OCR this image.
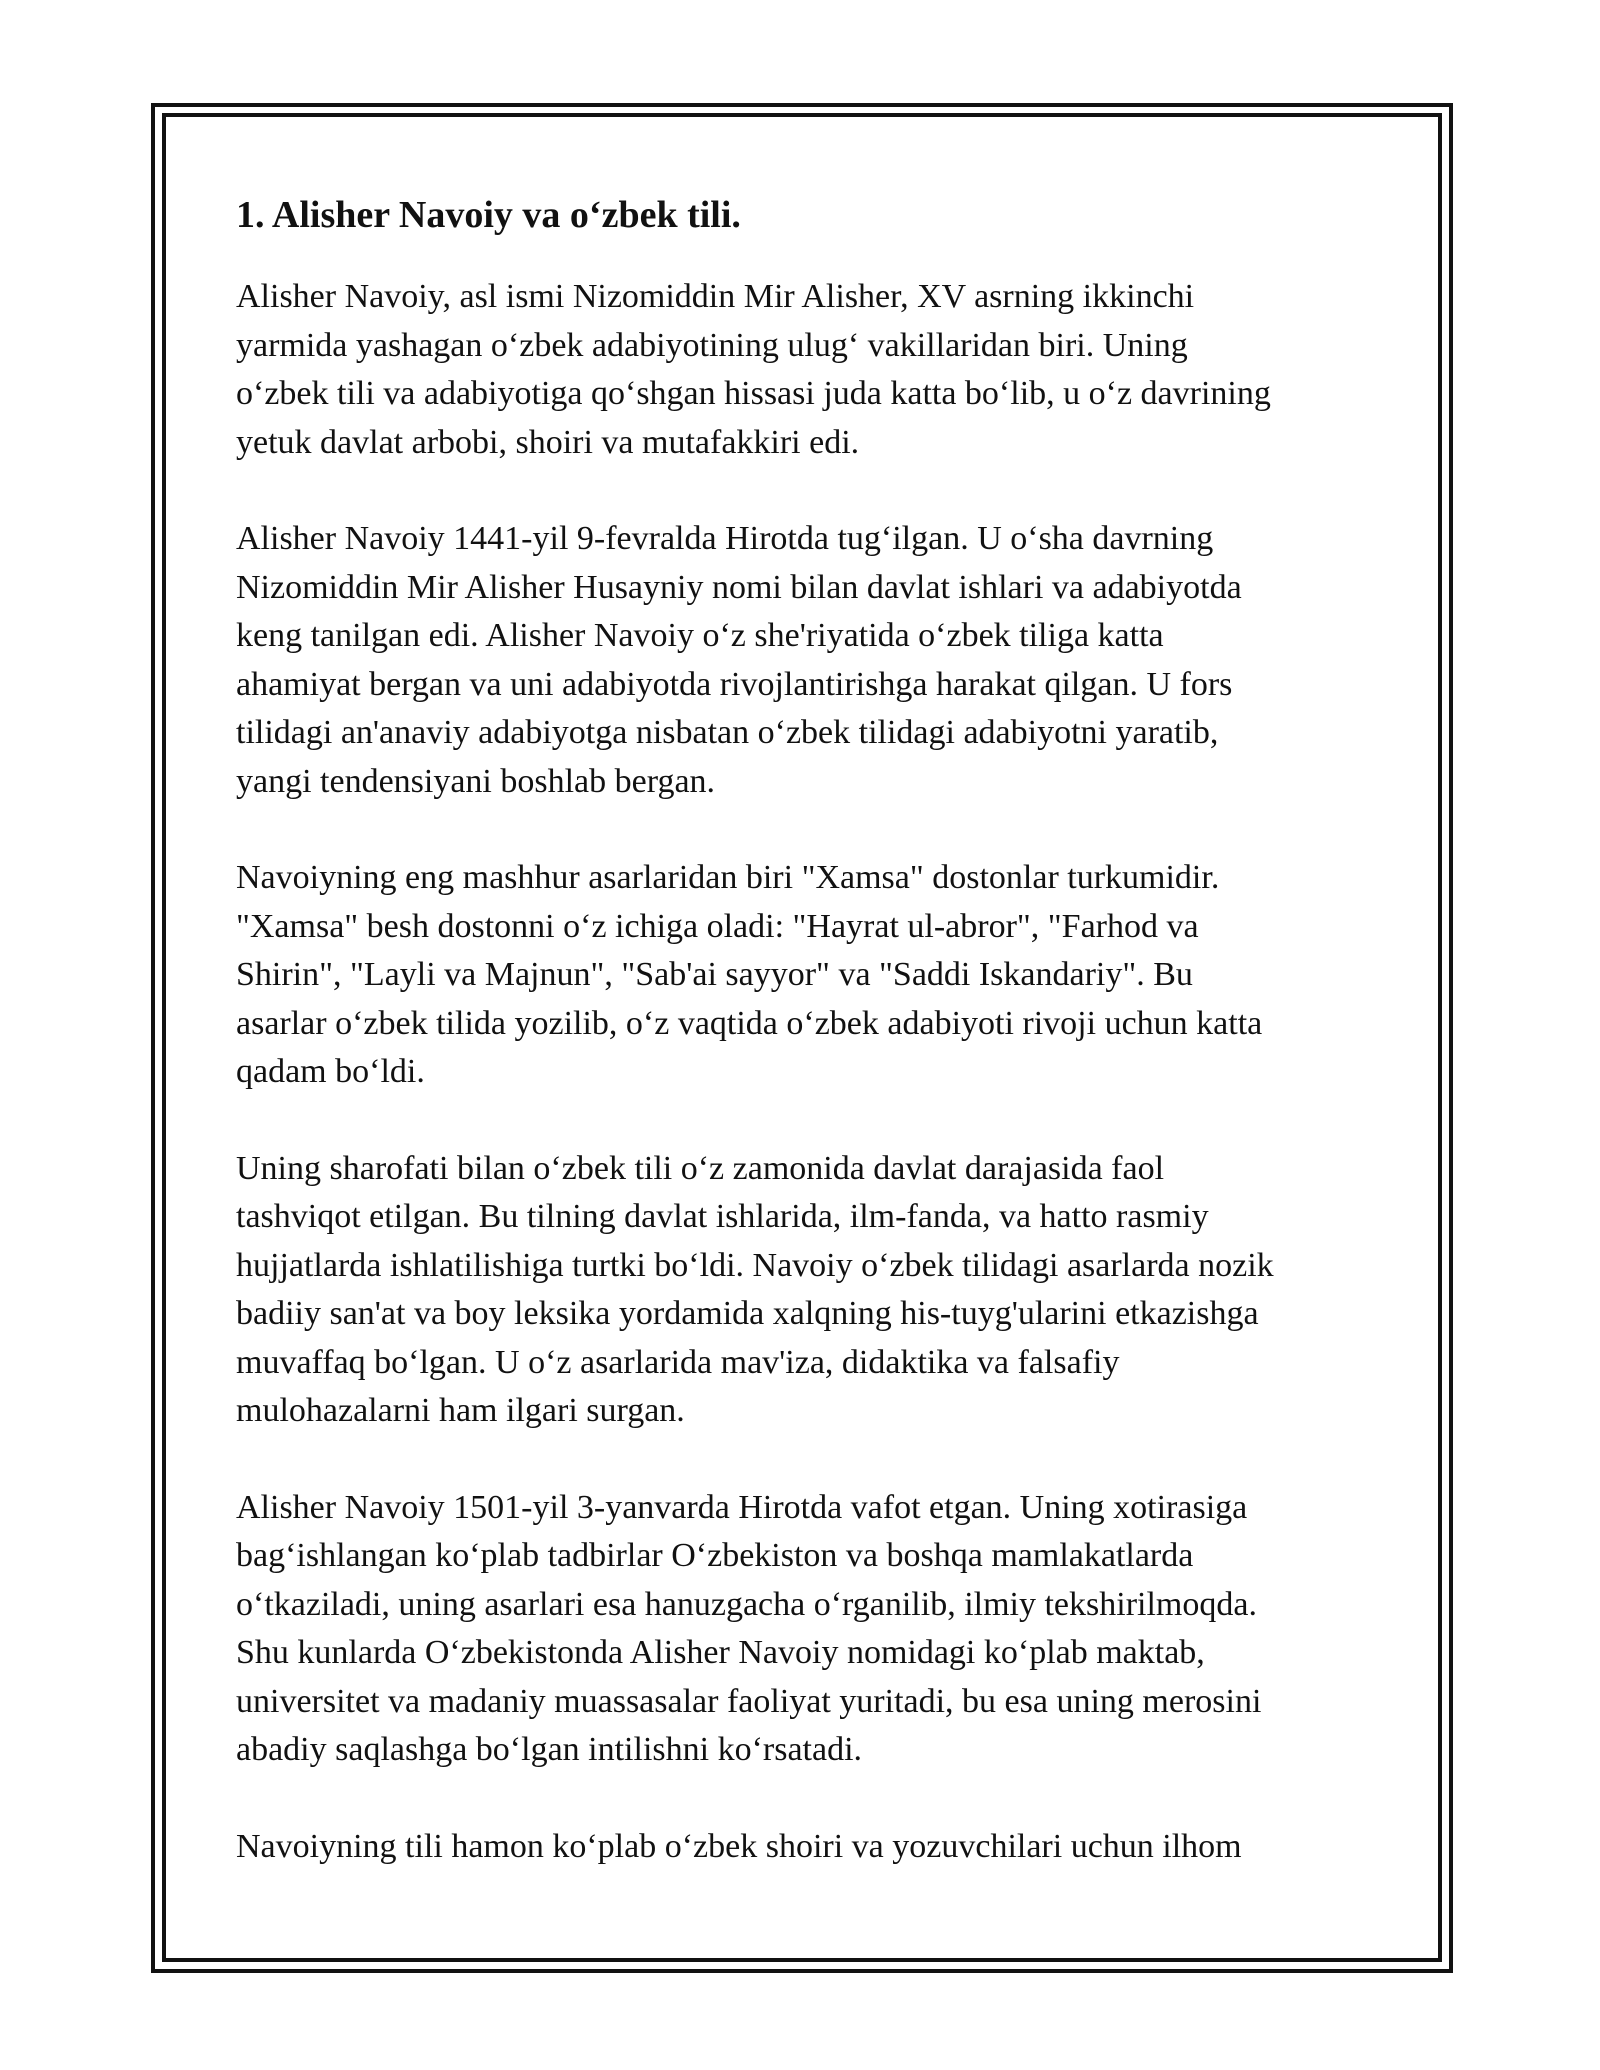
1. Alisher Navoiy va o‘zbek tili.

Alisher Navoiy, asl ismi Nizomiddin Mir Alisher, XV asrning ikkinchi
yarmida yashagan o‘zbek adabiyotining ulug‘ vakillaridan biri. Uning
o‘zbek tili va adabiyotiga qo‘shgan hissasi juda katta bo‘lib, u o‘z davrining
yetuk davlat arbobi, shoiri va mutafakkiri edi.

Alisher Navoiy 1441-yil 9-fevralda Hirotda tug‘ilgan. U o‘sha davrning
Nizomiddin Mir Alisher Husayniy nomi bilan davlat ishlari va adabiyotda
keng tanilgan edi. Alisher Navoiy o‘z she'riyatida o‘zbek tiliga katta
ahamiyat bergan va uni adabiyotda rivojlantirishga harakat qilgan. U fors
tilidagi an'anaviy adabiyotga nisbatan o‘zbek tilidagi adabiyotni yaratib,
yangi tendensiyani boshlab bergan.

Navoiyning eng mashhur asarlaridan biri "Xamsa" dostonlar turkumidir.
"Xamsa" besh dostonni o‘z ichiga oladi: "Hayrat ul-abror", "Farhod va
Shirin", "Layli va Majnun", "Sab'ai sayyor" va "Saddi Iskandariy". Bu
asarlar o‘zbek tilida yozilib, o‘z vaqtida o‘zbek adabiyoti rivoji uchun katta
qadam bo‘ldi.

Uning sharofati bilan o‘zbek tili o‘z zamonida davlat darajasida faol
tashviqot etilgan. Bu tilning davlat ishlarida, ilm-fanda, va hatto rasmiy
hujjatlarda ishlatilishiga turtki bo‘ldi. Navoiy o‘zbek tilidagi asarlarda nozik
badiiy san'at va boy leksika yordamida xalqning his-tuyg'ularini etkazishga
muvaffaq bo‘lgan. U o‘z asarlarida mav'iza, didaktika va falsafiy
mulohazalarni ham ilgari surgan.

Alisher Navoiy 1501-yil 3-yanvarda Hirotda vafot etgan. Uning xotirasiga
bag‘ishlangan ko‘plab tadbirlar O‘zbekiston va boshqa mamlakatlarda
o‘tkaziladi, uning asarlari esa hanuzgacha o‘rganilib, ilmiy tekshirilmoqda.
Shu kunlarda O‘zbekistonda Alisher Navoiy nomidagi ko‘plab maktab,
universitet va madaniy muassasalar faoliyat yuritadi, bu esa uning merosini
abadiy saqlashga bo‘lgan intilishni ko‘rsatadi.

Navoiyning tili hamon ko‘plab o‘zbek shoiri va yozuvchilari uchun ilhom
